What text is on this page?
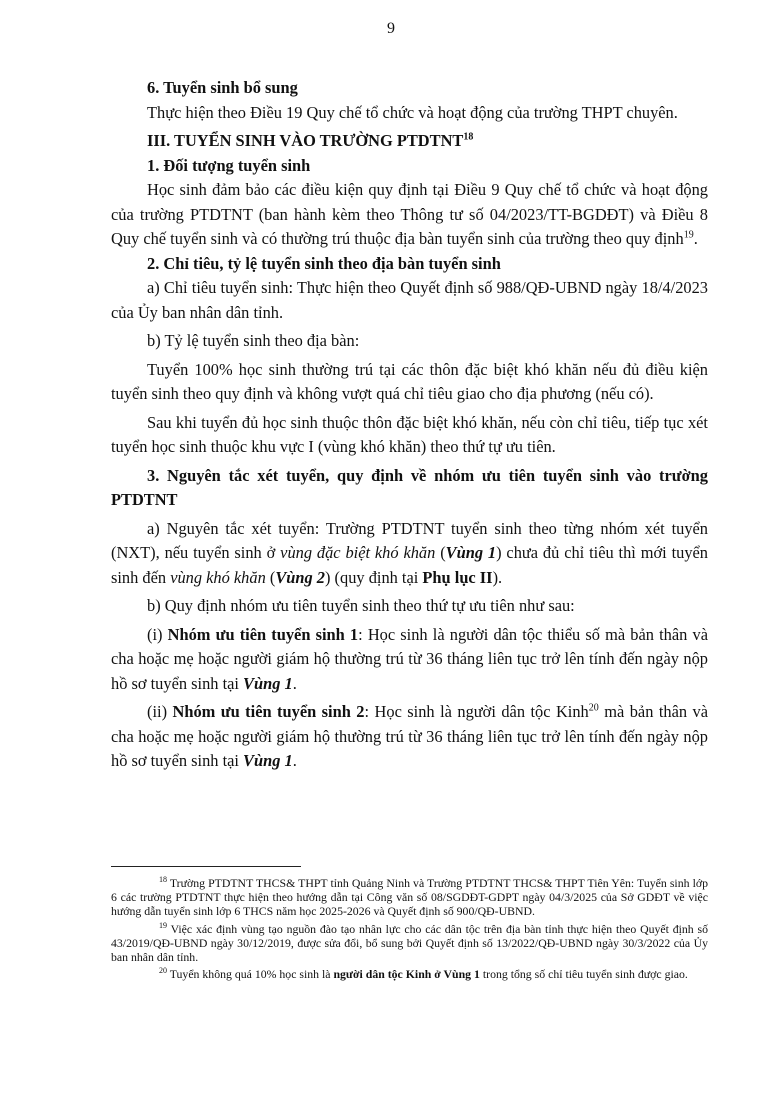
9

6. Tuyển sinh bổ sung

Thực hiện theo Điều 19 Quy chế tổ chức và hoạt động của trường THPT chuyên.

III. TUYỂN SINH VÀO TRƯỜNG PTDTNT$^{18}$

1. Đối tượng tuyển sinh

Học sinh đảm bảo các điều kiện quy định tại Điều 9 Quy chế tổ chức và hoạt động của trường PTDTNT (ban hành kèm theo Thông tư số 04/2023/TT-BGDĐT) và Điều 8 Quy chế tuyển sinh và có thường trú thuộc địa bàn tuyển sinh của trường theo quy định$^{19}$.

2. Chỉ tiêu, tỷ lệ tuyển sinh theo địa bàn tuyển sinh

a) Chỉ tiêu tuyển sinh: Thực hiện theo Quyết định số 988/QĐ-UBND ngày 18/4/2023 của Ủy ban nhân dân tỉnh.

b) Tỷ lệ tuyển sinh theo địa bàn:

Tuyển 100% học sinh thường trú tại các thôn đặc biệt khó khăn nếu đủ điều kiện tuyển sinh theo quy định và không vượt quá chỉ tiêu giao cho địa phương (nếu có).

Sau khi tuyển đủ học sinh thuộc thôn đặc biệt khó khăn, nếu còn chỉ tiêu, tiếp tục xét tuyển học sinh thuộc khu vực I (vùng khó khăn) theo thứ tự ưu tiên.

3. Nguyên tắc xét tuyển, quy định về nhóm ưu tiên tuyển sinh vào trường PTDTNT

a) Nguyên tắc xét tuyển: Trường PTDTNT tuyển sinh theo từng nhóm xét tuyển (NXT), nếu tuyển sinh ở vùng đặc biệt khó khăn (Vùng 1) chưa đủ chỉ tiêu thì mới tuyển sinh đến vùng khó khăn (Vùng 2) (quy định tại Phụ lục II).

b) Quy định nhóm ưu tiên tuyển sinh theo thứ tự ưu tiên như sau:

(i) Nhóm ưu tiên tuyển sinh 1: Học sinh là người dân tộc thiểu số mà bản thân và cha hoặc mẹ hoặc người giám hộ thường trú từ 36 tháng liên tục trở lên tính đến ngày nộp hồ sơ tuyển sinh tại Vùng 1.

(ii) Nhóm ưu tiên tuyển sinh 2: Học sinh là người dân tộc Kinh$^{20}$ mà bản thân và cha hoặc mẹ hoặc người giám hộ thường trú từ 36 tháng liên tục trở lên tính đến ngày nộp hồ sơ tuyển sinh tại Vùng 1.

$^{18}$ Trường PTDTNT THCS& THPT tỉnh Quảng Ninh và Trường PTDTNT THCS& THPT Tiên Yên: Tuyển sinh lớp 6 các trường PTDTNT thực hiện theo hướng dẫn tại Công văn số 08/SGDĐT-GDPT ngày 04/3/2025 của Sở GDĐT về việc hướng dẫn tuyển sinh lớp 6 THCS năm học 2025-2026 và Quyết định số 900/QĐ-UBND.

$^{19}$ Việc xác định vùng tạo nguồn đào tạo nhân lực cho các dân tộc trên địa bàn tỉnh thực hiện theo Quyết định số 43/2019/QĐ-UBND ngày 30/12/2019, được sửa đổi, bổ sung bởi Quyết định số 13/2022/QĐ-UBND ngày 30/3/2022 của Ủy ban nhân dân tỉnh.

$^{20}$ Tuyển không quá 10% học sinh là người dân tộc Kinh ở Vùng 1 trong tổng số chỉ tiêu tuyển sinh được giao.
